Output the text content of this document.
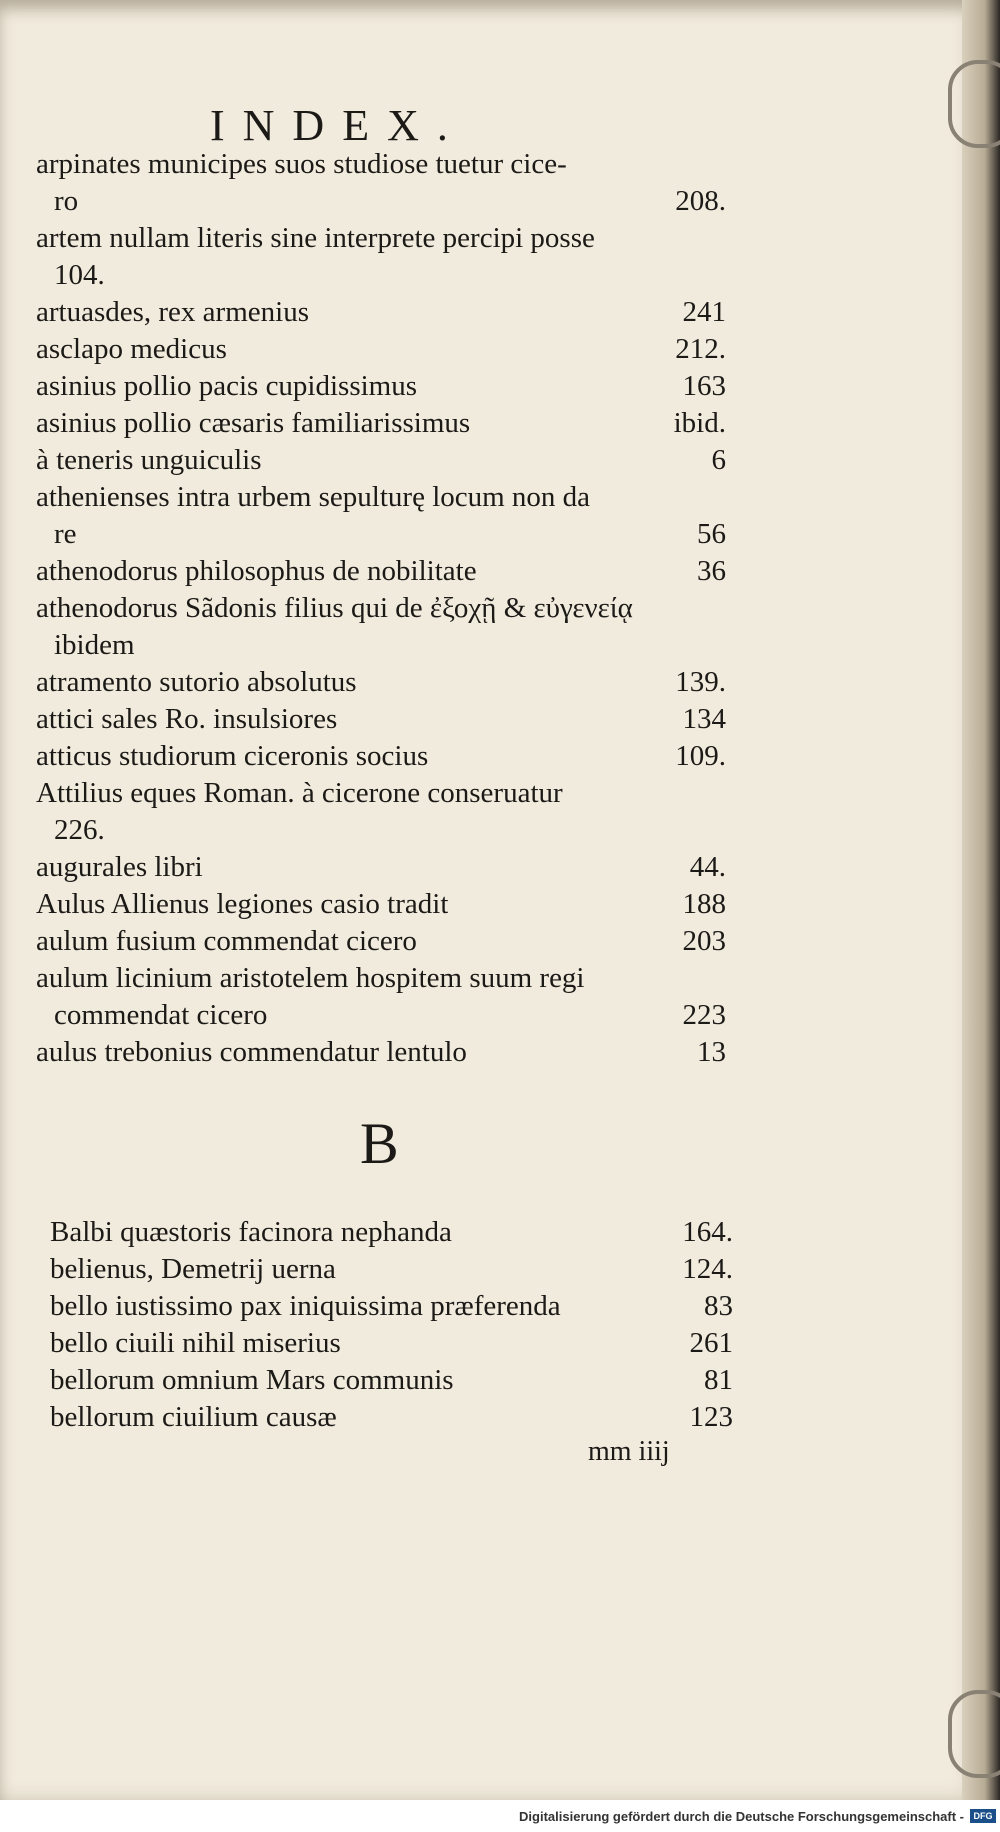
INDEX.
arpinates municipes suos studiose tuetur cice-
ro	208.
artem nullam literis sine interprete percipi posse
104.
artuasdes, rex armenius	241
asclapo medicus	212.
asinius pollio pacis cupidissimus	163
asinius pollio cæsaris familiarissimus	ibid.
à teneris unguiculis	6
athenienses intra urbem sepulturę locum non da
re	56
athenodorus philosophus de nobilitate	36
athenodorus Sãdonis filius qui de ἐξοχῇ & εὐγενείᾳ
ibidem
atramento sutorio absolutus	139.
attici sales Ro. insulsiores	134
atticus studiorum ciceronis socius	109.
Attilius eques Roman. à cicerone conseruatur
226.
augurales libri	44.
Aulus Allienus legiones casio tradit	188
aulum fusium commendat cicero	203
aulum licinium aristotelem hospitem suum regi
commendat cicero	223
aulus trebonius commendatur lentulo	13
B
Balbi quæstoris facinora nephanda	164.
belienus, Demetrij uerna	124.
bello iustissimo pax iniquissima præferenda	83
bello ciuili nihil miserius	261
bellorum omnium Mars communis	81
bellorum ciuilium causæ	123
mm iiij
Digitalisierung gefördert durch die Deutsche Forschungsgemeinschaft -	DFG
